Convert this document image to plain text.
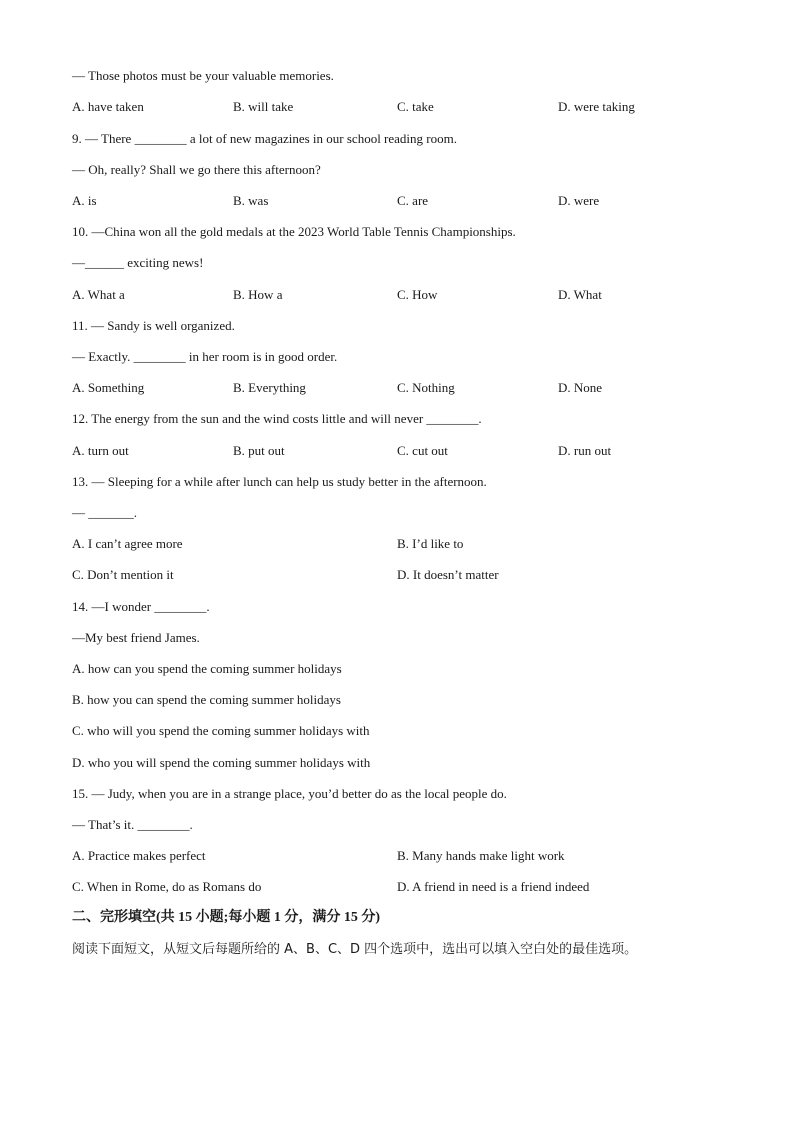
— Those photos must be your valuable memories.
A. have taken	B. will take	C. take	D. were taking
9. — There ________ a lot of new magazines in our school reading room.
— Oh, really? Shall we go there this afternoon?
A. is	B. was	C. are	D. were
10. —China won all the gold medals at the 2023 World Table Tennis Championships.
—______ exciting news!
A. What a	B. How a	C. How	D. What
11. — Sandy is well organized.
— Exactly. ________ in her room is in good order.
A. Something	B. Everything	C. Nothing	D. None
12. The energy from the sun and the wind costs little and will never ________.
A. turn out	B. put out	C. cut out	D. run out
13. — Sleeping for a while after lunch can help us study better in the afternoon.
— _______.
A. I can’t agree more	B. I’d like to
C. Don’t mention it	D. It doesn’t matter
14. —I wonder ________.
—My best friend James.
A. how can you spend the coming summer holidays
B. how you can spend the coming summer holidays
C. who will you spend the coming summer holidays with
D. who you will spend the coming summer holidays with
15. — Judy, when you are in a strange place, you’d better do as the local people do.
— That’s it. ________.
A. Practice makes perfect	B. Many hands make light work
C. When in Rome, do as Romans do	D. A friend in need is a friend indeed
二、完形填空(共 15 小题;每小题 1 分，满分 15 分)
阅读下面短文，从短文后每题所给的 A、B、C、D 四个选项中，选出可以填入空白处的最佳选项。
